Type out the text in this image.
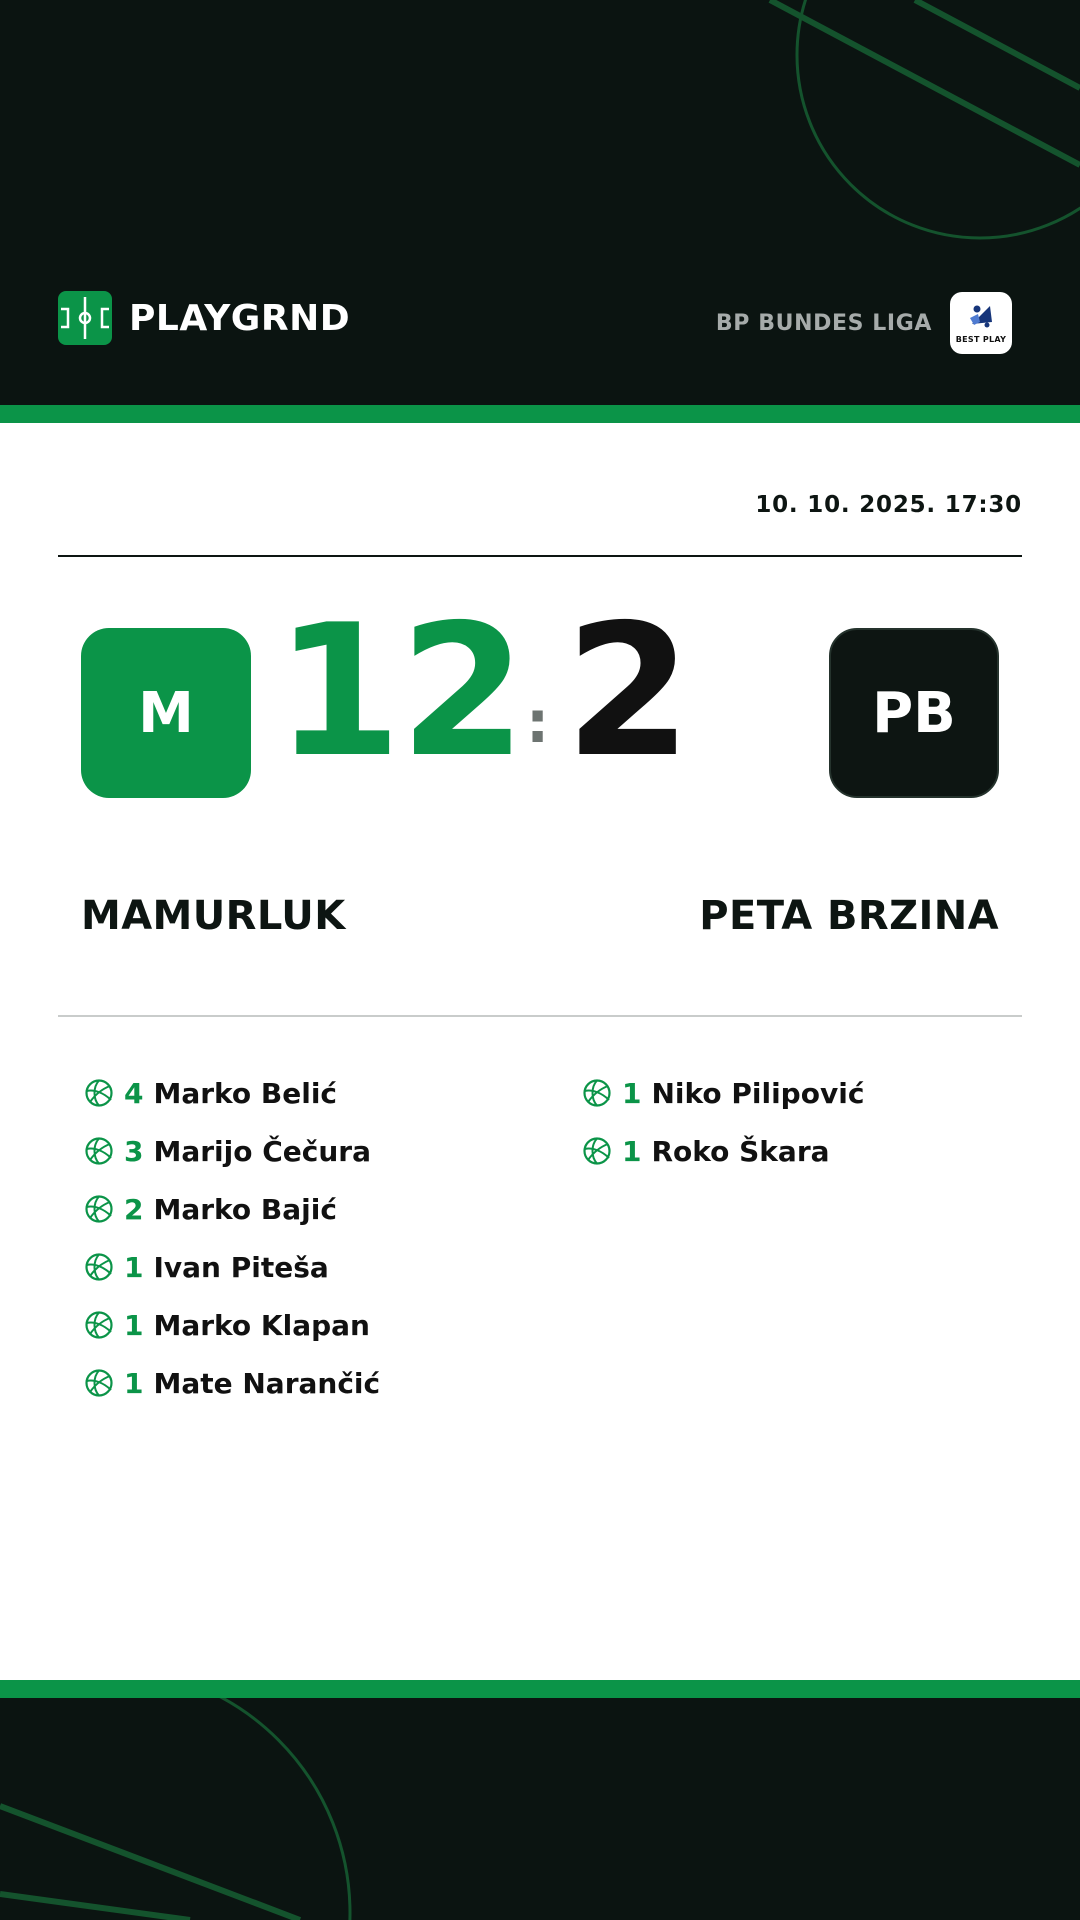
PLAYGRND	BP BUNDES LIGA
BEST PLAY
10. 10. 2025. 17:30
M 12 : 2	PB
MAMURLUK	PETA BRZINA
4 Marko Belić
3 Marijo Čečura
2 Marko Bajić
1 Ivan Piteša
1 Marko Klapan
1 Mate Narančić
1 Niko Pilipović
1 Roko Škara
